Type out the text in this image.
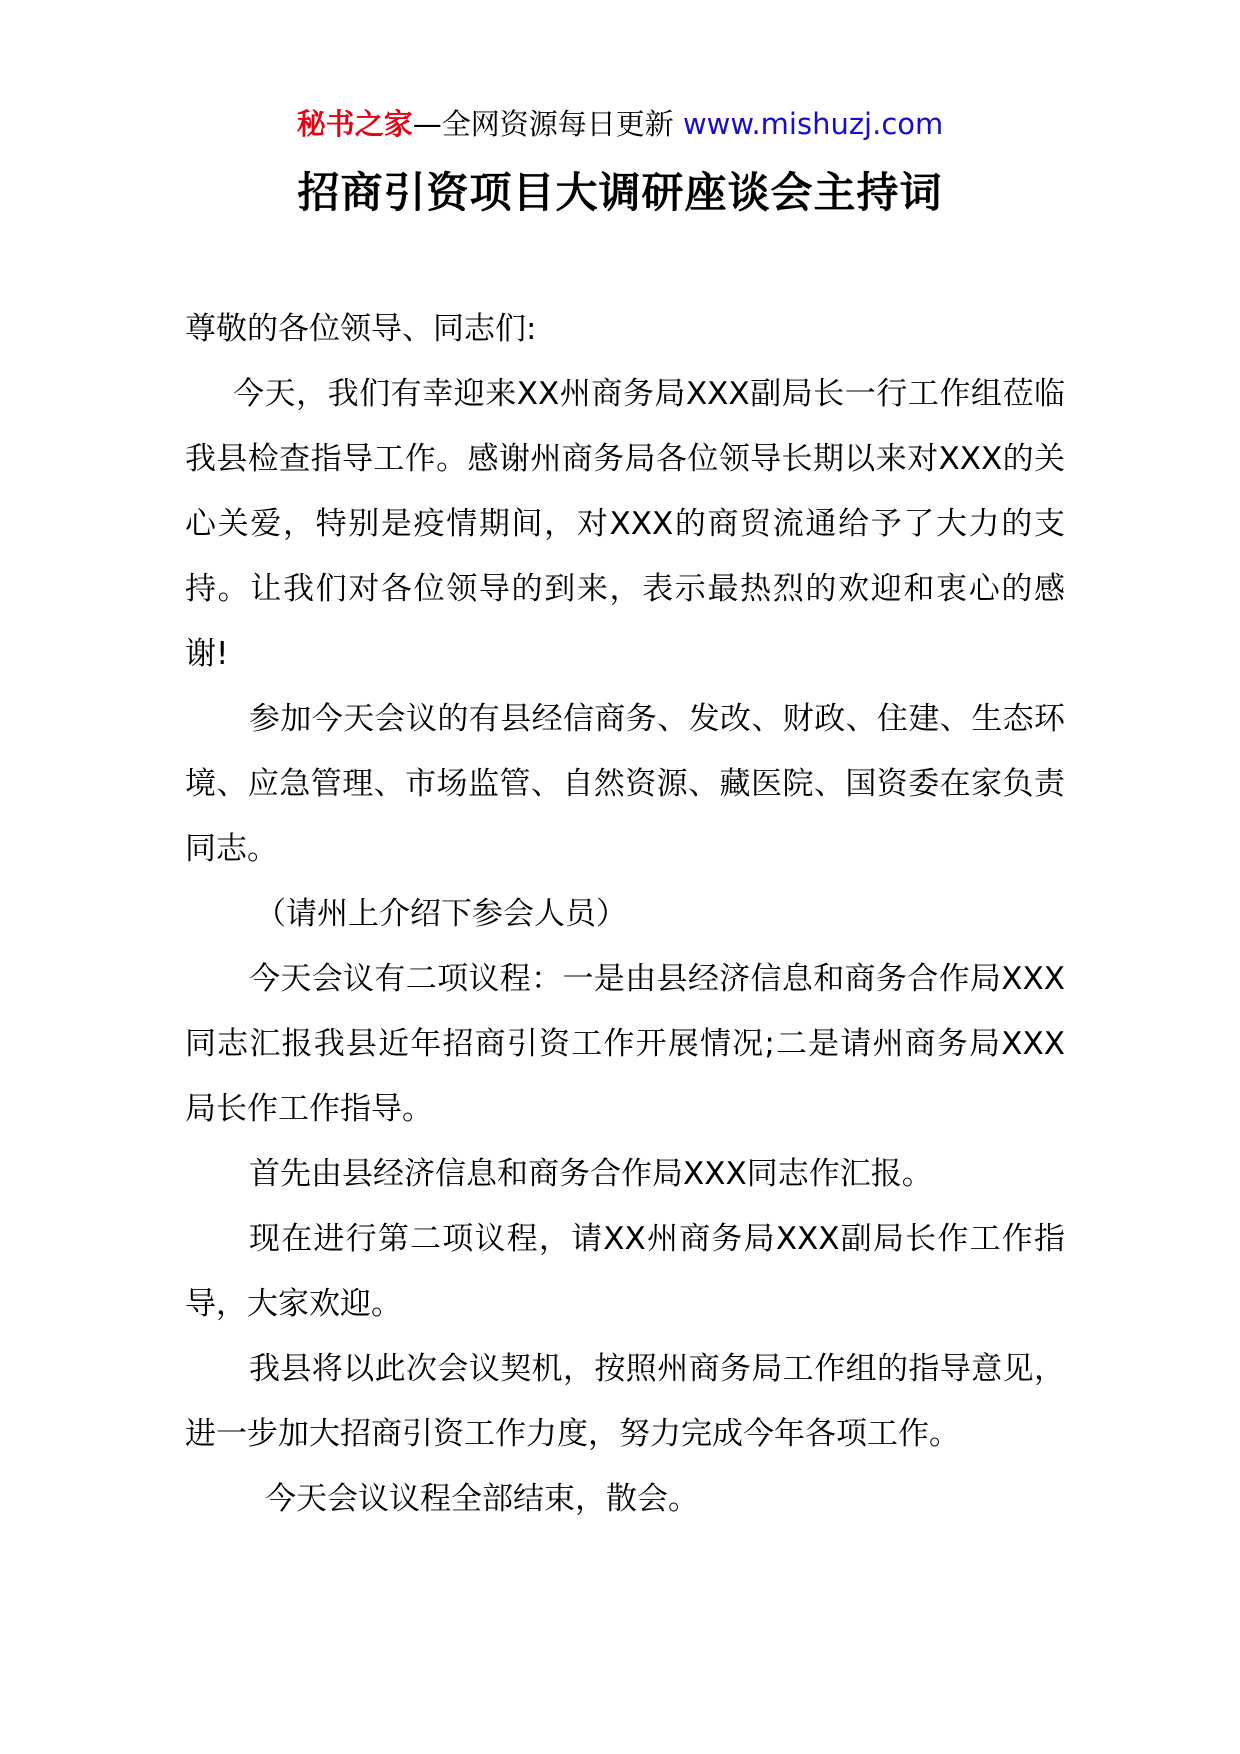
秘书之家—全网资源每日更新 www.mishuzj.com
招商引资项目大调研座谈会主持词

尊敬的各位领导、同志们:

今天，我们有幸迎来XX州商务局XXX副局长一行工作组莅临我县检查指导工作。感谢州商务局各位领导长期以来对XXX的关心关爱，特别是疫情期间，对XXX的商贸流通给予了大力的支持。让我们对各位领导的到来，表示最热烈的欢迎和衷心的感谢!

参加今天会议的有县经信商务、发改、财政、住建、生态环境、应急管理、市场监管、自然资源、藏医院、国资委在家负责同志。

（请州上介绍下参会人员）

今天会议有二项议程：一是由县经济信息和商务合作局XXX同志汇报我县近年招商引资工作开展情况;二是请州商务局XXX局长作工作指导。

首先由县经济信息和商务合作局XXX同志作汇报。

现在进行第二项议程，请XX州商务局XXX副局长作工作指导，大家欢迎。

我县将以此次会议契机，按照州商务局工作组的指导意见，进一步加大招商引资工作力度，努力完成今年各项工作。

今天会议议程全部结束，散会。
